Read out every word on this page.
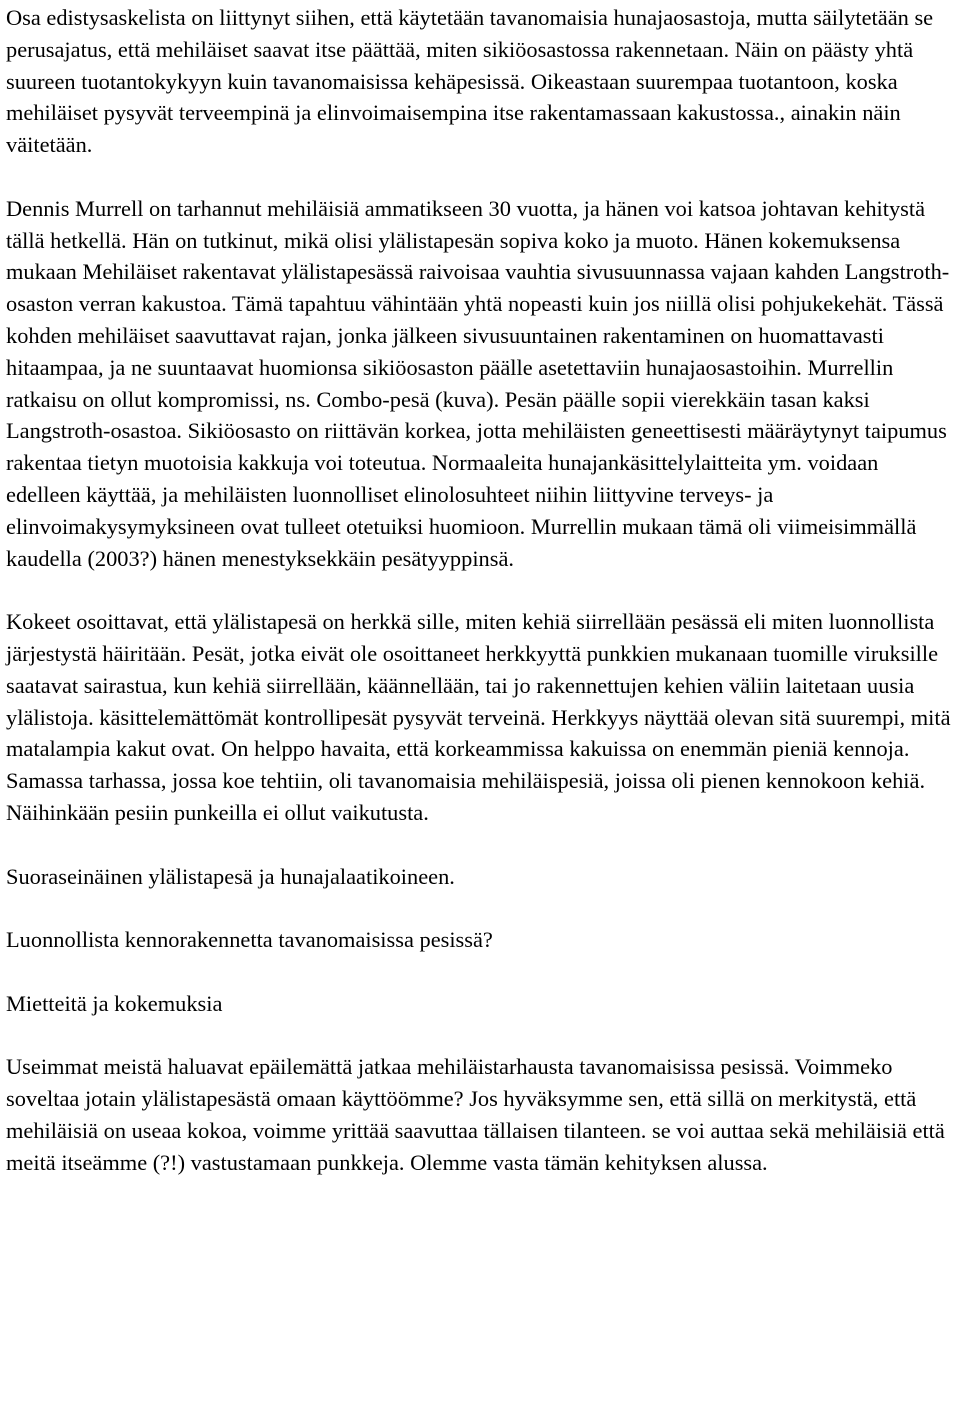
Osa edistysaskelista on liittynyt siihen, että käytetään tavanomaisia hunajaosastoja, mutta säilytetään se perusajatus, että mehiläiset saavat itse päättää, miten sikiöosastossa rakennetaan. Näin on päästy yhtä suureen tuotantokykyyn kuin tavanomaisissa kehäpesissä. Oikeastaan suurempaa tuotantoon, koska mehiläiset pysyvät terveempinä ja elinvoimaisempina itse rakentamassaan kakustossa., ainakin näin väitetään.

Dennis Murrell on tarhannut mehiläisiä ammatikseen 30 vuotta, ja hänen voi katsoa johtavan kehitystä tällä hetkellä. Hän on tutkinut, mikä olisi ylälistapesän sopiva koko ja muoto. Hänen kokemuksensa mukaan Mehiläiset rakentavat ylälistapesässä raivoisaa vauhtia sivusuunnassa vajaan kahden Langstroth-osaston verran kakustoa. Tämä tapahtuu vähintään yhtä nopeasti kuin jos niillä olisi pohjukekehät. Tässä kohden mehiläiset saavuttavat rajan, jonka jälkeen sivusuuntainen rakentaminen on huomattavasti hitaampaa, ja ne suuntaavat huomionsa sikiöosaston päälle asetettaviin hunajaosastoihin. Murrellin ratkaisu on ollut kompromissi, ns. Combo-pesä (kuva). Pesän päälle sopii vierekkäin tasan kaksi Langstroth-osastoa. Sikiöosasto on riittävän korkea, jotta mehiläisten geneettisesti määräytynyt taipumus rakentaa tietyn muotoisia kakkuja voi toteutua. Normaaleita hunajankäsittelylaitteita ym. voidaan edelleen käyttää, ja mehiläisten luonnolliset elinolosuhteet niihin liittyvine terveys- ja elinvoimakysymyksineen ovat tulleet otetuiksi huomioon. Murrellin mukaan tämä oli viimeisimmällä kaudella (2003?) hänen menestyksekkäin pesätyyppinsä.

Kokeet osoittavat, että ylälistapesä on herkkä sille, miten kehiä siirrellään pesässä eli miten luonnollista järjestystä häiritään. Pesät, jotka eivät ole osoittaneet herkkyyttä punkkien mukanaan tuomille viruksille saatavat sairastua, kun kehiä siirrellään, käännellään, tai jo rakennettujen kehien väliin laitetaan uusia ylälistoja. käsittelemättömät kontrollipesät pysyvät terveinä. Herkkyys näyttää olevan sitä suurempi, mitä matalampia kakut ovat. On helppo havaita, että korkeammissa kakuissa on enemmän pieniä kennoja. Samassa tarhassa, jossa koe tehtiin, oli tavanomaisia mehiläispesiä, joissa oli pienen kennokoon kehiä. Näihinkään pesiin punkeilla ei ollut vaikutusta.

Suoraseinäinen ylälistapesä ja hunajalaatikoineen.

Luonnollista kennorakennetta tavanomaisissa pesissä?

Mietteitä ja kokemuksia

Useimmat meistä haluavat epäilemättä jatkaa mehiläistarhausta tavanomaisissa pesissä. Voimmeko soveltaa jotain ylälistapesästä omaan käyttöömme? Jos hyväksymme sen, että sillä on merkitystä, että mehiläisiä on useaa kokoa, voimme yrittää saavuttaa tällaisen tilanteen. se voi auttaa sekä mehiläisiä että meitä itseämme (?!) vastustamaan punkkeja. Olemme vasta tämän kehityksen alussa.
